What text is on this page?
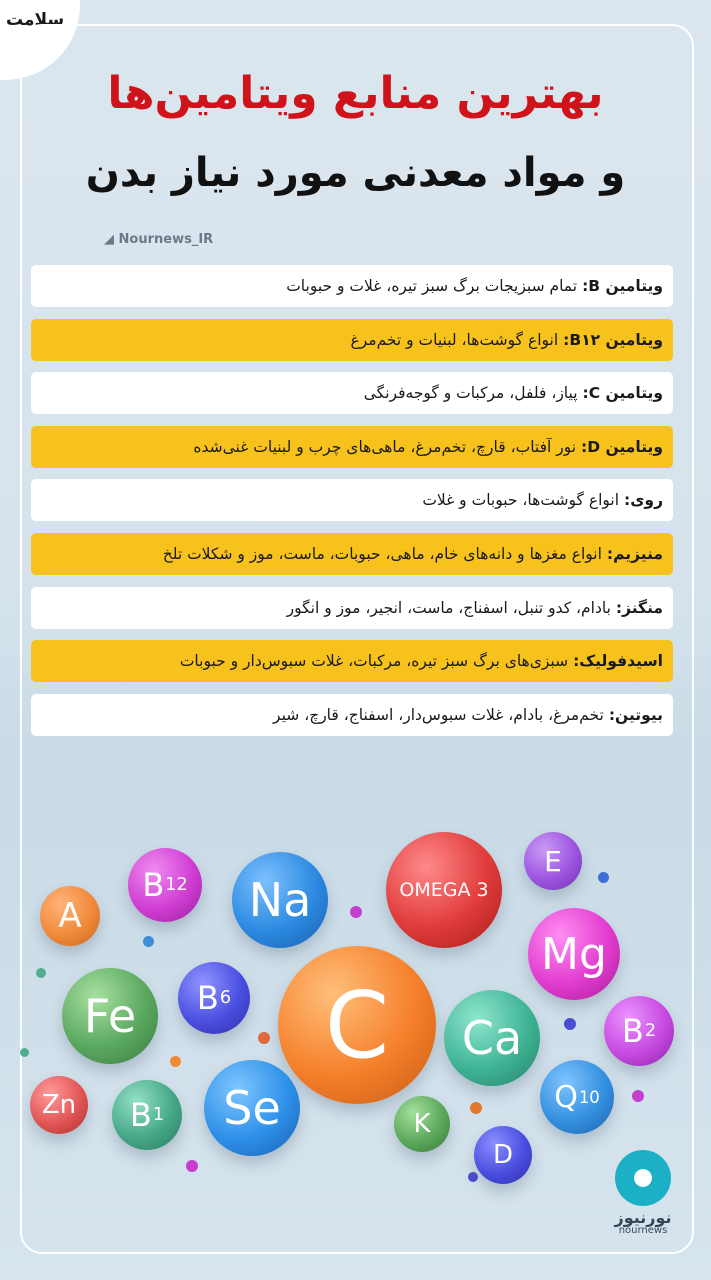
سلامت
بهترین منابع ویتامین‌ها
و مواد معدنی مورد نیاز بدن
◢ Nournews_IR
ویتامین B:
تمام سبزیجات برگ سبز تیره، غلات و حبوبات
ویتامین B۱۲:
انواع گوشت‌ها، لبنیات و تخم‌مرغ
ویتامین C:
پیاز، فلفل، مرکبات و گوجه‌فرنگی
ویتامین D:
نور آفتاب، قارچ، تخم‌مرغ، ماهی‌های چرب و لبنیات غنی‌شده
روی:
انواع گوشت‌ها، حبوبات و غلات
منیزیم:
انواع مغزها و دانه‌های خام، ماهی، حبوبات، ماست، موز و شکلات تلخ
منگنز:
بادام، کدو تنبل، اسفناج، ماست، انجیر، موز و انگور
اسیدفولیک:
سبزی‌های برگ سبز تیره، مرکبات، غلات سبوس‌دار و حبوبات
بیوتین:
تخم‌مرغ، بادام، غلات سبوس‌دار، اسفناج، قارچ، شیر
A
B 12 Na	OMEGA 3
E
Mg
Fe B 6 C Ca	B 2
Zn B 1 Se	K
D
Q 10
نورنیوز
nournews
